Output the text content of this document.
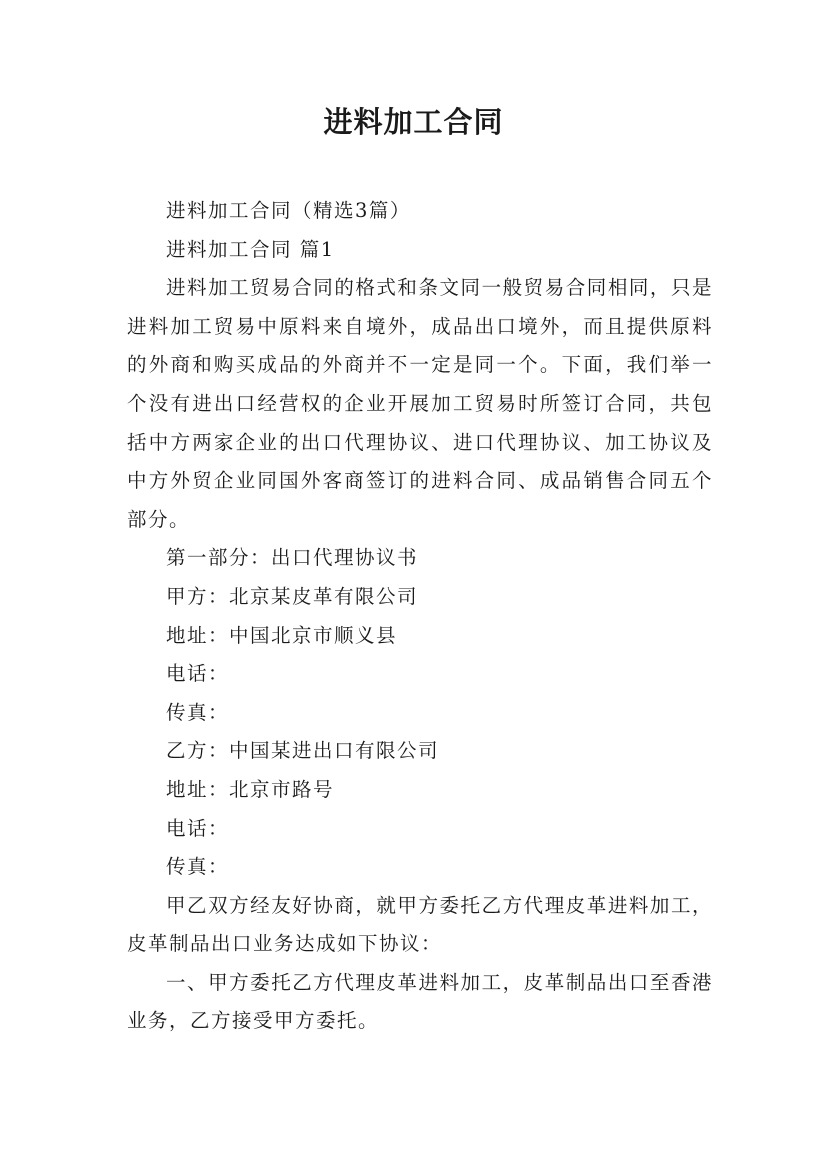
进料加工合同

进料加工合同（精选3篇）

进料加工合同 篇1

进料加工贸易合同的格式和条文同一般贸易合同相同，只是进料加工贸易中原料来自境外，成品出口境外，而且提供原料的外商和购买成品的外商并不一定是同一个。下面，我们举一个没有进出口经营权的企业开展加工贸易时所签订合同，共包括中方两家企业的出口代理协议、进口代理协议、加工协议及中方外贸企业同国外客商签订的进料合同、成品销售合同五个部分。

第一部分：出口代理协议书

甲方：北京某皮革有限公司

地址：中国北京市顺义县

电话：

传真：

乙方：中国某进出口有限公司

地址：北京市路号

电话：

传真：

甲乙双方经友好协商，就甲方委托乙方代理皮革进料加工，皮革制品出口业务达成如下协议：

一、甲方委托乙方代理皮革进料加工，皮革制品出口至香港业务，乙方接受甲方委托。
